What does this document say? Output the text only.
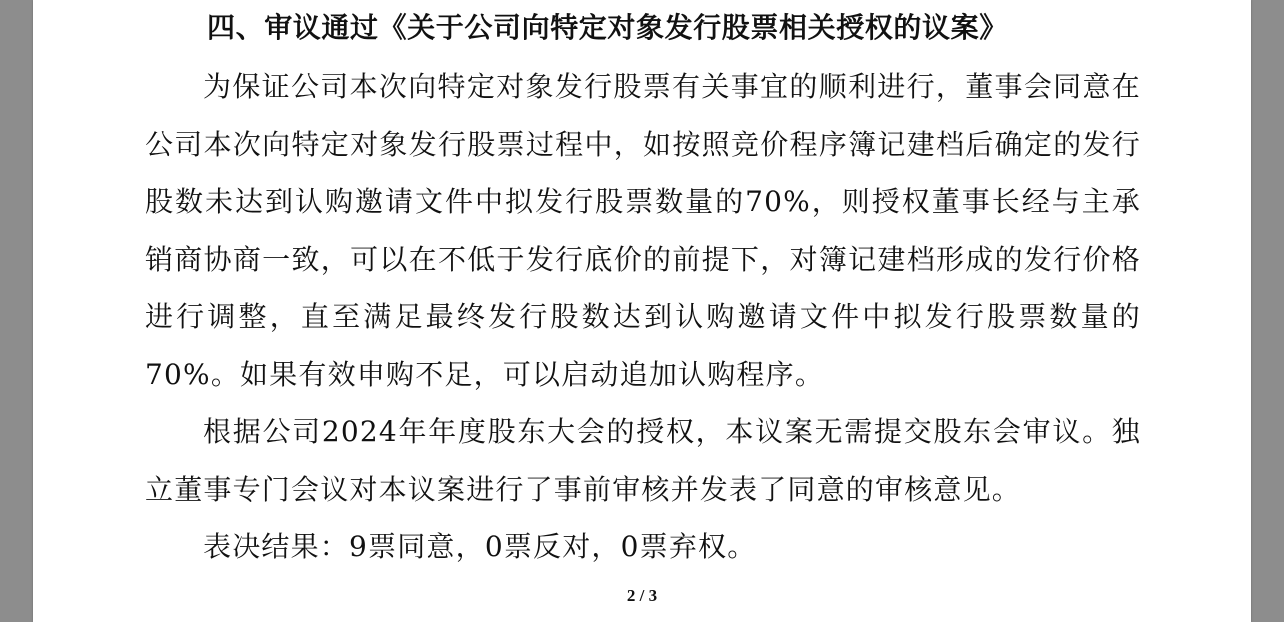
四、审议通过《关于公司向特定对象发行股票相关授权的议案》

为保证公司本次向特定对象发行股票有关事宜的顺利进行，董事会同意在公司本次向特定对象发行股票过程中，如按照竞价程序簿记建档后确定的发行股数未达到认购邀请文件中拟发行股票数量的70%，则授权董事长经与主承销商协商一致，可以在不低于发行底价的前提下，对簿记建档形成的发行价格进行调整，直至满足最终发行股数达到认购邀请文件中拟发行股票数量的70%。如果有效申购不足，可以启动追加认购程序。

根据公司2024年年度股东大会的授权，本议案无需提交股东会审议。独立董事专门会议对本议案进行了事前审核并发表了同意的审核意见。

表决结果：9票同意，0票反对，0票弃权。

2 / 3
